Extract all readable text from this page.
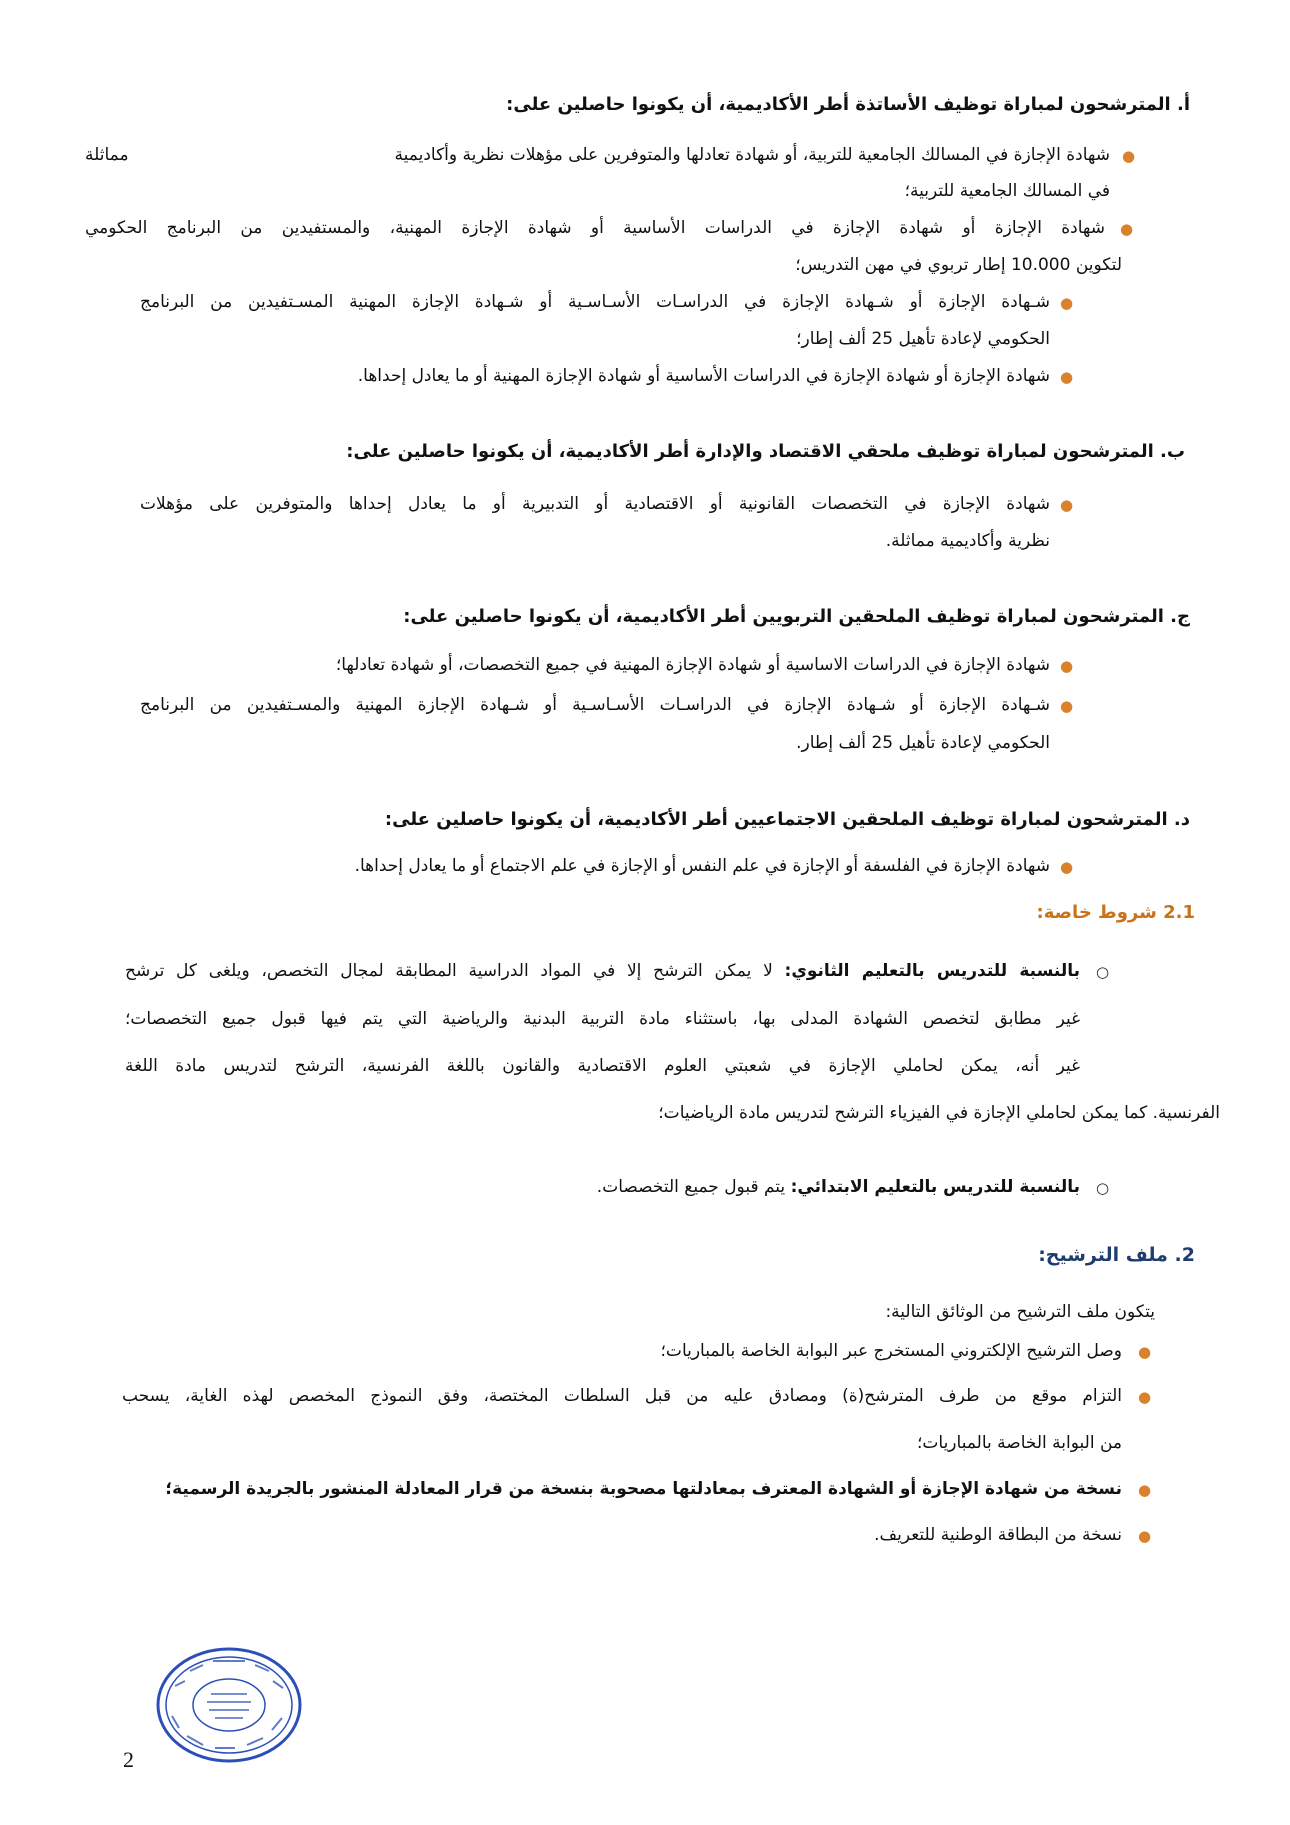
أ. المترشحون لمباراة توظيف الأساتذة أطر الأكاديمية، أن يكونوا حاصلين على:
●
شهادة الإجازة في المسالك الجامعية للتربية، أو شهادة تعادلها والمتوفرين على مؤهلات نظرية وأكاديمية
مماثلة
في المسالك الجامعية للتربية؛
●
شهادة الإجازة أو شهادة الإجازة في الدراسات الأساسية أو شهادة الإجازة المهنية، والمستفيدين من البرنامج الحكومي
لتكوين 10.000 إطار تربوي في مهن التدريس؛
●
شـهادة الإجازة أو شـهادة الإجازة في الدراسـات الأسـاسـية أو شـهادة الإجازة المهنية المسـتفيدين من البرنامج
الحكومي لإعادة تأهيل 25 ألف إطار؛
●
شهادة الإجازة أو شهادة الإجازة في الدراسات الأساسية أو شهادة الإجازة المهنية أو ما يعادل إحداها.
ب. المترشحون لمباراة توظيف ملحقي الاقتصاد والإدارة أطر الأكاديمية، أن يكونوا حاصلين على:
●
شهادة الإجازة في التخصصات القانونية أو الاقتصادية أو التدبيرية أو ما يعادل إحداها والمتوفرين على مؤهلات
نظرية وأكاديمية مماثلة.
ج. المترشحون لمباراة توظيف الملحقين التربويين أطر الأكاديمية، أن يكونوا حاصلين على:
●
شهادة الإجازة في الدراسات الاساسية أو شهادة الإجازة المهنية في جميع التخصصات، أو شهادة تعادلها؛
●
شـهادة الإجازة أو شـهادة الإجازة في الدراسـات الأسـاسـية أو شـهادة الإجازة المهنية والمسـتفيدين من البرنامج
الحكومي لإعادة تأهيل 25 ألف إطار.
د. المترشحون لمباراة توظيف الملحقين الاجتماعيين أطر الأكاديمية، أن يكونوا حاصلين على:
●
شهادة الإجازة في الفلسفة أو الإجازة في علم النفس أو الإجازة في علم الاجتماع أو ما يعادل إحداها.
2.1 شروط خاصة:
○
بالنسبة للتدريس بالتعليم الثانوي: لا يمكن الترشح إلا في المواد الدراسية المطابقة لمجال التخصص، ويلغى كل ترشح
غير مطابق لتخصص الشهادة المدلى بها، باستثناء مادة التربية البدنية والرياضية التي يتم فيها قبول جميع التخصصات؛
غير أنه، يمكن لحاملي الإجازة في شعبتي العلوم الاقتصادية والقانون باللغة الفرنسية، الترشح لتدريس مادة اللغة
الفرنسية. كما يمكن لحاملي الإجازة في الفيزياء الترشح لتدريس مادة الرياضيات؛
○
بالنسبة للتدريس بالتعليم الابتدائي: يتم قبول جميع التخصصات.
2. ملف الترشيح:
يتكون ملف الترشيح من الوثائق التالية:
●
وصل الترشيح الإلكتروني المستخرج عبر البوابة الخاصة بالمباريات؛
●
التزام موقع من طرف المترشح(ة) ومصادق عليه من قبل السلطات المختصة، وفق النموذج المخصص لهذه الغاية، يسحب
من البوابة الخاصة بالمباريات؛
●
نسخة من شهادة الإجازة أو الشهادة المعترف بمعادلتها مصحوبة بنسخة من قرار المعادلة المنشور بالجريدة الرسمية؛
●
نسخة من البطاقة الوطنية للتعريف.
2
